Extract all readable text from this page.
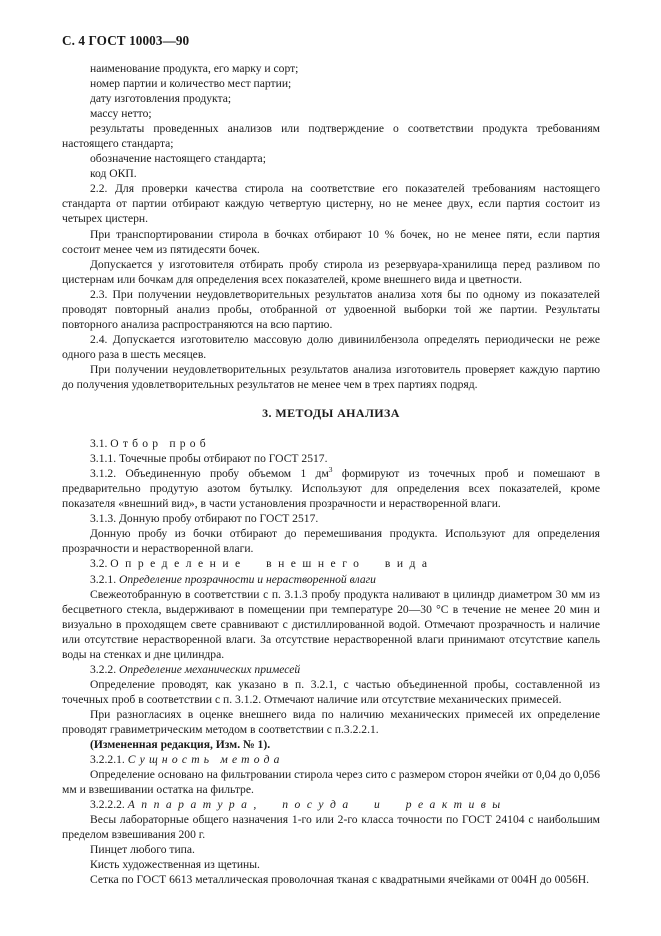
С. 4 ГОСТ 10003—90

наименование продукта, его марку и сорт;

номер партии и количество мест партии;

дату изготовления продукта;

массу нетто;

результаты проведенных анализов или подтверждение о соответствии продукта требованиям настоящего стандарта;

обозначение настоящего стандарта;

код ОКП.

2.2. Для проверки качества стирола на соответствие его показателей требованиям настоящего стандарта от партии отбирают каждую четвертую цистерну, но не менее двух, если партия состоит из четырех цистерн.

При транспортировании стирола в бочках отбирают 10 % бочек, но не менее пяти, если партия состоит менее чем из пятидесяти бочек.

Допускается у изготовителя отбирать пробу стирола из резервуара-хранилища перед разливом по цистернам или бочкам для определения всех показателей, кроме внешнего вида и цветности.

2.3. При получении неудовлетворительных результатов анализа хотя бы по одному из показателей проводят повторный анализ пробы, отобранной от удвоенной выборки той же партии. Результаты повторного анализа распространяются на всю партию.

2.4. Допускается изготовителю массовую долю дивинилбензола определять периодически не реже одного раза в шесть месяцев.

При получении неудовлетворительных результатов анализа изготовитель проверяет каждую партию до получения удовлетворительных результатов не менее чем в трех партиях подряд.

3. МЕТОДЫ АНАЛИЗА

3.1. Отбор проб

3.1.1. Точечные пробы отбирают по ГОСТ 2517.

3.1.2. Объединенную пробу объемом 1 $дм^3$ формируют из точечных проб и помешают в предварительно продутую азотом бутылку. Используют для определения всех показателей, кроме показателя «внешний вид», в части установления прозрачности и нерастворенной влаги.

3.1.3. Донную пробу отбирают по ГОСТ 2517.

Донную пробу из бочки отбирают до перемешивания продукта. Используют для определения прозрачности и нерастворенной влаги.

3.2. Определение внешнего вида

3.2.1. Определение прозрачности и нерастворенной влаги

Свежеотобранную в соответствии с п. 3.1.3 пробу продукта наливают в цилиндр диаметром 30 мм из бесцветного стекла, выдерживают в помещении при температуре 20—30 °С в течение не менее 20 мин и визуально в проходящем свете сравнивают с дистиллированной водой. Отмечают прозрачность и наличие или отсутствие нерастворенной влаги. За отсутствие нерастворенной влаги принимают отсутствие капель воды на стенках и дне цилиндра.

3.2.2. Определение механических примесей

Определение проводят, как указано в п. 3.2.1, с частью объединенной пробы, составленной из точечных проб в соответствии с п. 3.1.2. Отмечают наличие или отсутствие механических примесей.

При разногласиях в оценке внешнего вида по наличию механических примесей их определение проводят гравиметрическим методом в соответствии с п.3.2.2.1.

(Измененная редакция, Изм. № 1).

3.2.2.1. Сущность метода

Определение основано на фильтровании стирола через сито с размером сторон ячейки от 0,04 до 0,056 мм и взвешивании остатка на фильтре.

3.2.2.2. Аппаратура, посуда и реактивы

Весы лабораторные общего назначения 1-го или 2-го класса точности по ГОСТ 24104 с наибольшим пределом взвешивания 200 г.

Пинцет любого типа.

Кисть художественная из щетины.

Сетка по ГОСТ 6613 металлическая проволочная тканая с квадратными ячейками от 004Н до 0056Н.
